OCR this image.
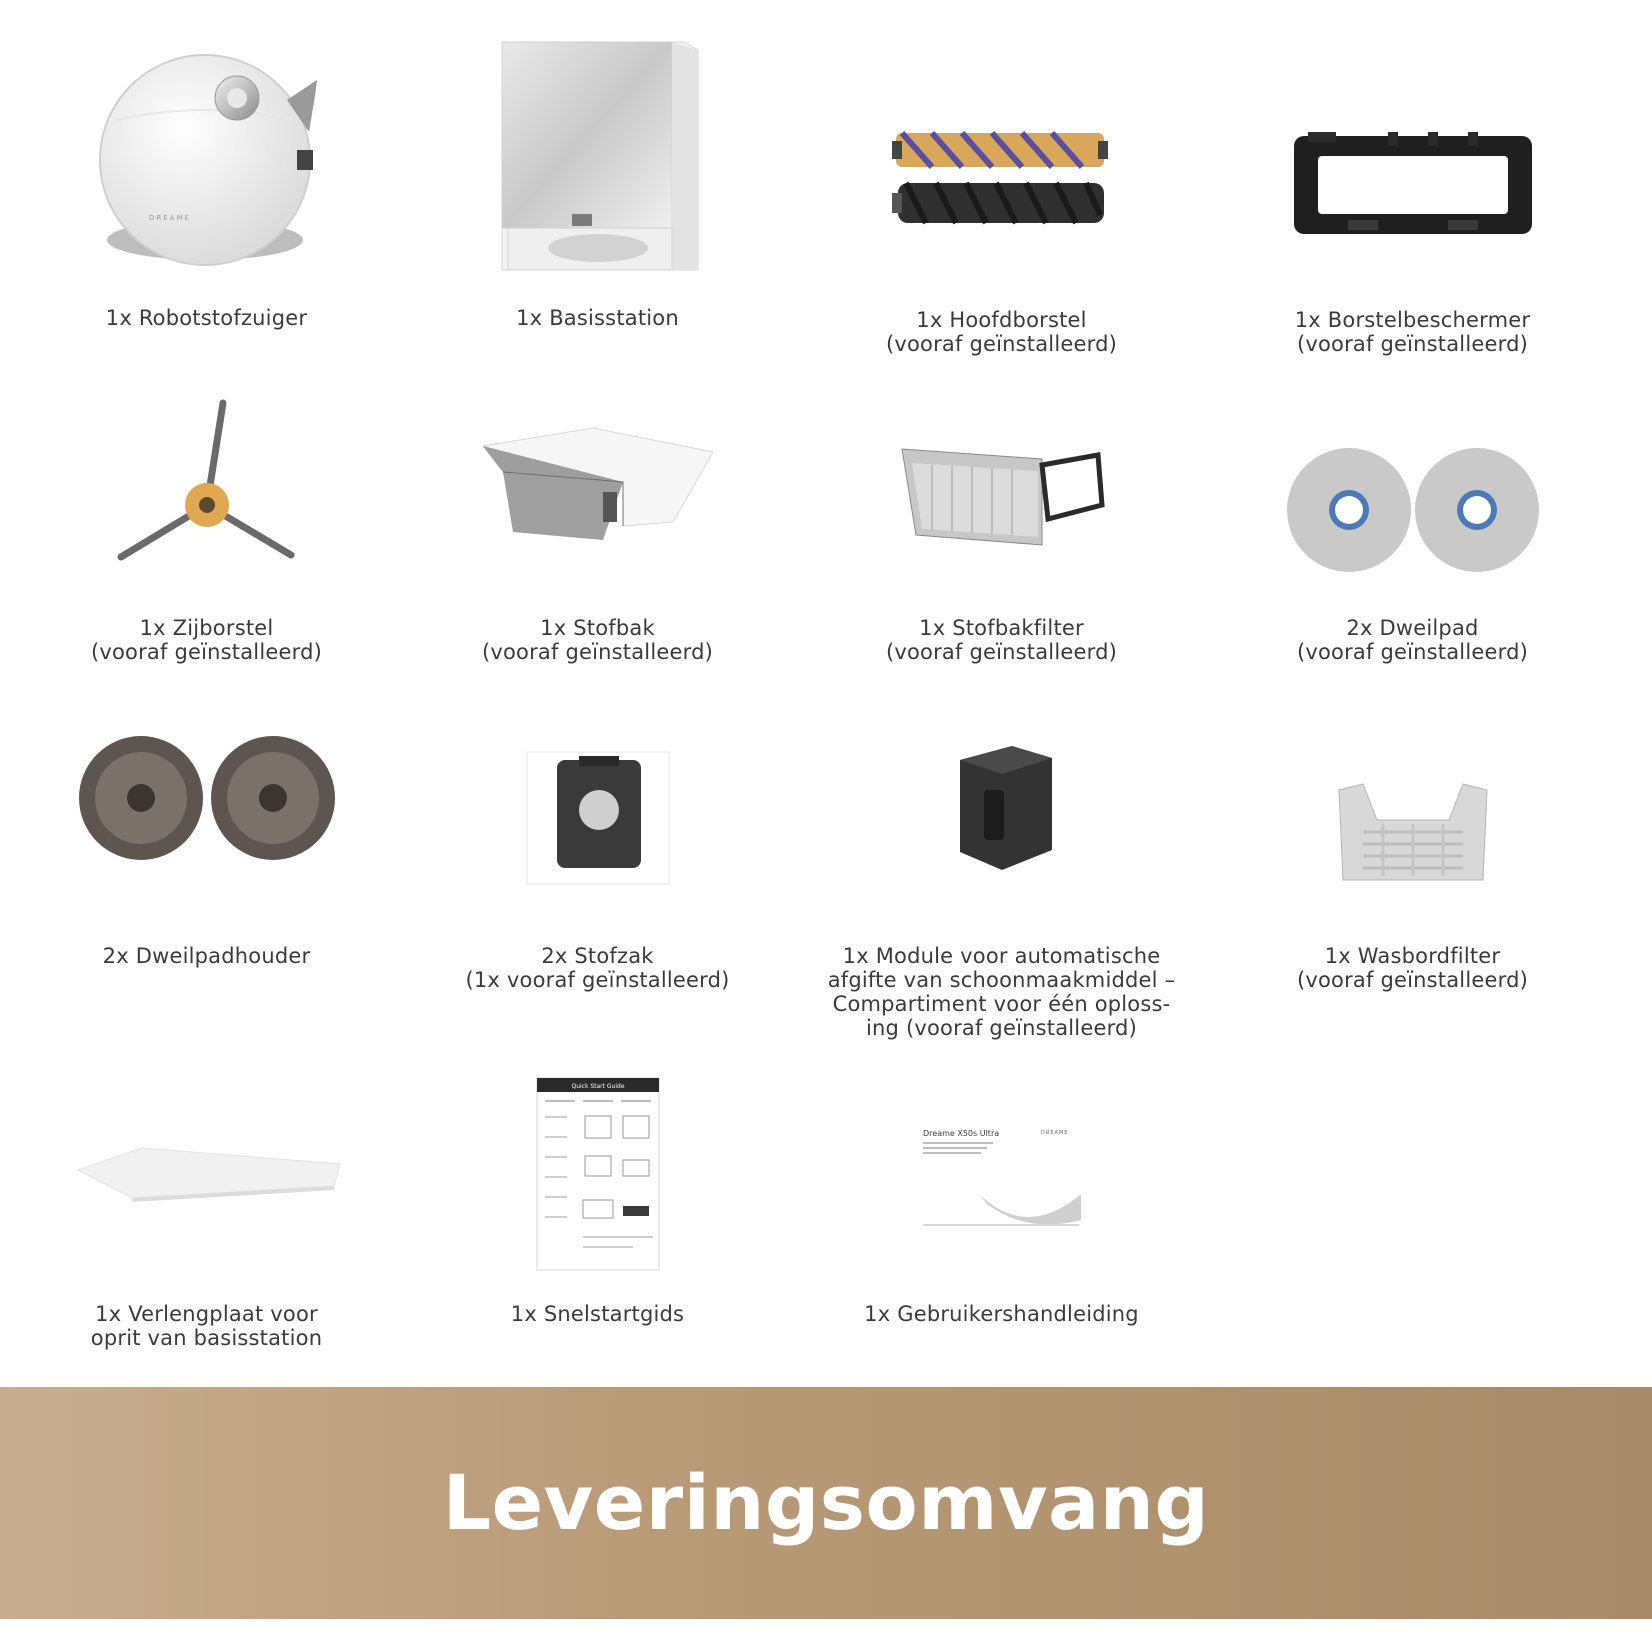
DREAME
1x Robotstofzuiger	1x Basisstation	1x Hoofdborstel
(vooraf geïnstalleerd)
1x Borstelbeschermer
(vooraf geïnstalleerd)
1x Zijborstel
(vooraf geïnstalleerd)
1x Stofbak
(vooraf geïnstalleerd)
1x Stofbakfilter
(vooraf geïnstalleerd)
2x Dweilpad
(vooraf geïnstalleerd)
2x Dweilpadhouder	2x Stofzak
(1x vooraf geïnstalleerd)
1x Module voor automatische
afgifte van schoonmaakmiddel –
Compartiment voor één oploss-
ing (vooraf geïnstalleerd)
1x Wasbordfilter
(vooraf geïnstalleerd)
1x Verlengplaat voor
oprit van basisstation
Quick Start Guide
1x Snelstartgids
Dreame X50s Ultra	DREAME
1x Gebruikershandleiding
Leveringsomvang
